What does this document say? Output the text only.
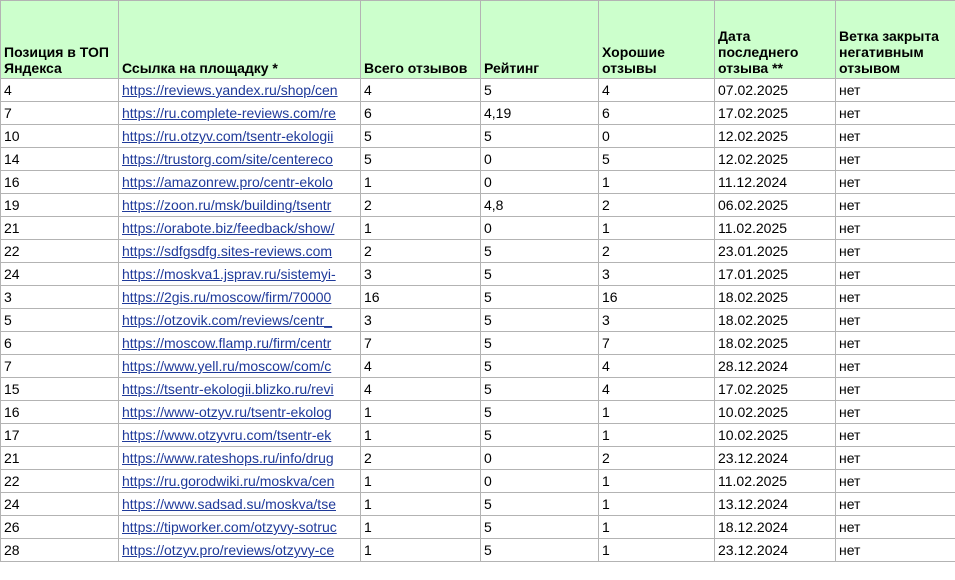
Позиция в ТОП Яндекса	Ссылка на площадку *	Всего отзывов	Рейтинг	Хорошие отзывы	Дата последнего отзыва **	Ветка закрыта негативным отзывом
4	https://reviews.yandex.ru/shop/cen	4	5	4	07.02.2025	нет
7	https://ru.complete-reviews.com/re	6	4,19	6	17.02.2025	нет
10	https://ru.otzyv.com/tsentr-ekologii	5	5	0	12.02.2025	нет
14	https://trustorg.com/site/centereco	5	0	5	12.02.2025	нет
16	https://amazonrew.pro/centr-ekolo	1	0	1	11.12.2024	нет
19	https://zoon.ru/msk/building/tsentr	2	4,8	2	06.02.2025	нет
21	https://orabote.biz/feedback/show/	1	0	1	11.02.2025	нет
22	https://sdfgsdfg.sites-reviews.com	2	5	2	23.01.2025	нет
24	https://moskva1.jsprav.ru/sistemyi-	3	5	3	17.01.2025	нет
3	https://2gis.ru/moscow/firm/70000	16	5	16	18.02.2025	нет
5	https://otzovik.com/reviews/centr_	3	5	3	18.02.2025	нет
6	https://moscow.flamp.ru/firm/centr	7	5	7	18.02.2025	нет
7	https://www.yell.ru/moscow/com/c	4	5	4	28.12.2024	нет
15	https://tsentr-ekologii.blizko.ru/revi	4	5	4	17.02.2025	нет
16	https://www-otzyv.ru/tsentr-ekolog	1	5	1	10.02.2025	нет
17	https://www.otzyvru.com/tsentr-ek	1	5	1	10.02.2025	нет
21	https://www.rateshops.ru/info/drug	2	0	2	23.12.2024	нет
22	https://ru.gorodwiki.ru/moskva/cen	1	0	1	11.02.2025	нет
24	https://www.sadsad.su/moskva/tse	1	5	1	13.12.2024	нет
26	https://tipworker.com/otzyvy-sotruc	1	5	1	18.12.2024	нет
28	https://otzyv.pro/reviews/otzyvy-ce	1	5	1	23.12.2024	нет
